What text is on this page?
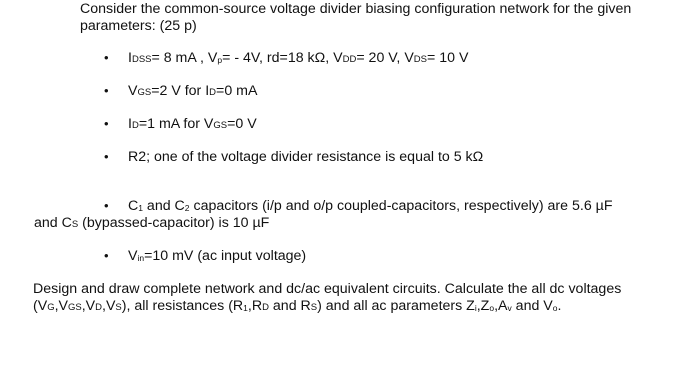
Consider the common-source voltage divider biasing configuration network for the given
parameters: (25 p)
• IDSS= 8 mA , $V_p= - 4V$, rd=18 kΩ, VDD= 20 V, VDS= 10 V
• VGS=2 V for ID=0 mA
• ID=1 mA for VGS=0 V
• R2; one of the voltage divider resistance is equal to 5 kΩ
• $C_1$ and $C_2$ capacitors (i/p and o/p coupled-capacitors, respectively) are 5.6 µF
and CS (bypassed-capacitor) is 10 µF
• $V_{in}=10$ mV (ac input voltage)
Design and draw complete network and dc/ac equivalent circuits. Calculate the all dc voltages
(VG,VGS,VD,VS), all resistances ($R_1,RD$ and RS) and all ac parameters $Z_i,Z_o,A_v$ and $V_o$.
